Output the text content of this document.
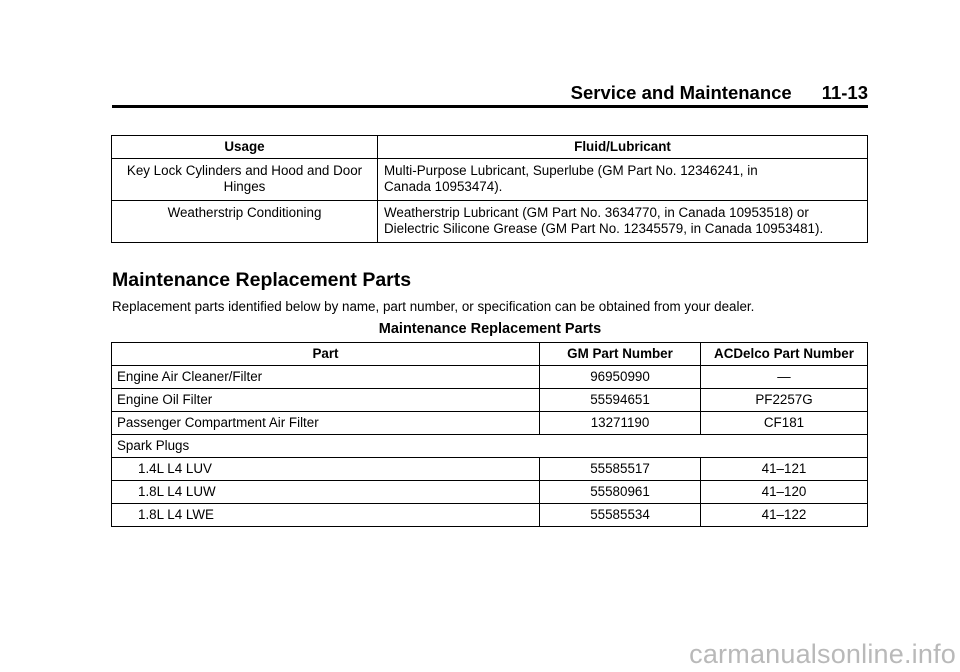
Service and Maintenance 11-13
Usage	Fluid/Lubricant
Key Lock Cylinders and Hood and Door Hinges	Multi-Purpose Lubricant, Superlube (GM Part No. 12346241, in Canada 10953474).
Weatherstrip Conditioning	Weatherstrip Lubricant (GM Part No. 3634770, in Canada 10953518) or Dielectric Silicone Grease (GM Part No. 12345579, in Canada 10953481).
Maintenance Replacement Parts
Replacement parts identified below by name, part number, or specification can be obtained from your dealer.
Maintenance Replacement Parts
Part	GM Part Number	ACDelco Part Number
Engine Air Cleaner/Filter	96950990	—
Engine Oil Filter	55594651	PF2257G
Passenger Compartment Air Filter	13271190	CF181
Spark Plugs		
1.4L L4 LUV	55585517	41–121
1.8L L4 LUW	55580961	41–120
1.8L L4 LWE	55585534	41–122
carmanualsonline.info
